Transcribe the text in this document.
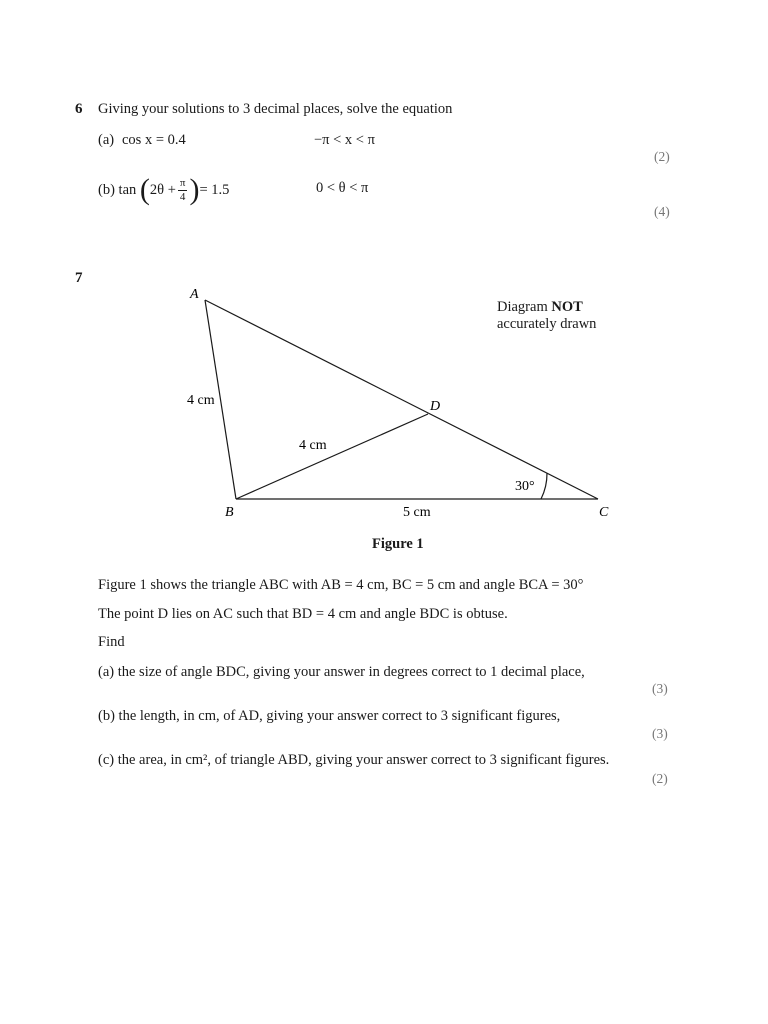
6 Giving your solutions to 3 decimal places, solve the equation
(a) cos x = 0.4	−π < x < π
(2)
(b)
tan
( $2\theta + \frac{\pi}{4}$ ) = 1.5	0 < θ < π
(4)
7
A
B	C
D
4 cm
4 cm
5 cm
30°
Diagram NOT
accurately drawn
Figure 1
Figure 1 shows the triangle ABC with AB = 4 cm, BC = 5 cm and angle BCA = 30°
The point D lies on AC such that BD = 4 cm and angle BDC is obtuse.
Find
(a) the size of angle BDC, giving your answer in degrees correct to 1 decimal place,
(3)
(b) the length, in cm, of AD, giving your answer correct to 3 significant figures,
(3)
(c) the area, in cm², of triangle ABD, giving your answer correct to 3 significant figures.
(2)
